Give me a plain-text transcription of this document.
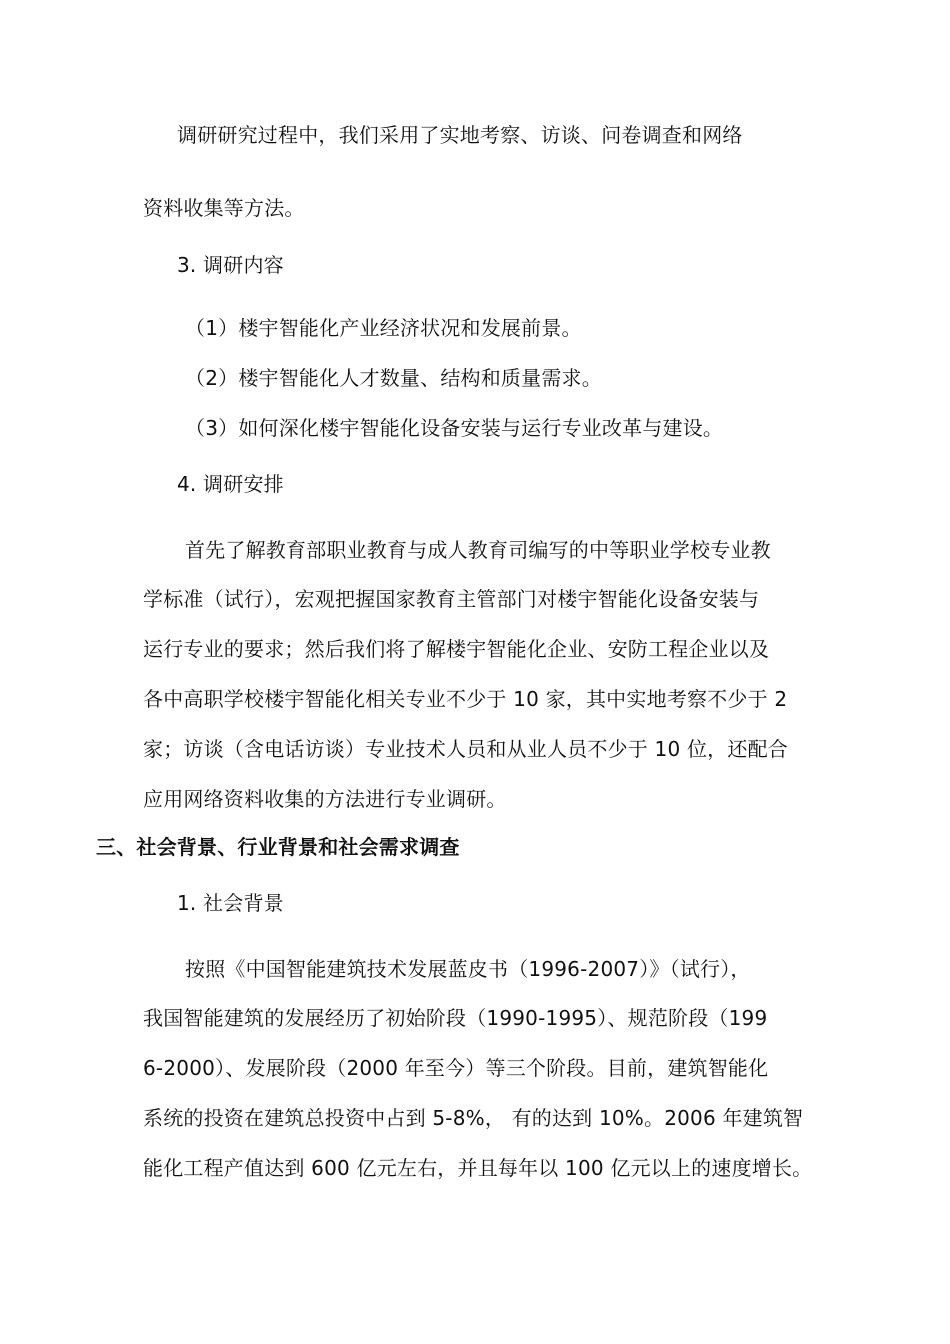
调研研究过程中，我们采用了实地考察、访谈、问卷调查和网络
资料收集等方法。
3. 调研内容
（1）楼宇智能化产业经济状况和发展前景。
（2）楼宇智能化人才数量、结构和质量需求。
（3）如何深化楼宇智能化设备安装与运行专业改革与建设。
4. 调研安排
首先了解教育部职业教育与成人教育司编写的中等职业学校专业教
学标准（试行），宏观把握国家教育主管部门对楼宇智能化设备安装与
运行专业的要求；然后我们将了解楼宇智能化企业、安防工程企业以及
各中高职学校楼宇智能化相关专业不少于 10 家，其中实地考察不少于 2
家；访谈（含电话访谈）专业技术人员和从业人员不少于 10 位，还配合
应用网络资料收集的方法进行专业调研。
三、社会背景、行业背景和社会需求调查
1. 社会背景
按照《中国智能建筑技术发展蓝皮书（1996-2007）》（试行），
我国智能建筑的发展经历了初始阶段（1990-1995）、规范阶段（199
6-2000）、发展阶段（2000 年至今）等三个阶段。目前，建筑智能化
系统的投资在建筑总投资中占到 5-8%， 有的达到 10%。2006 年建筑智
能化工程产值达到 600 亿元左右，并且每年以 100 亿元以上的速度增长。
